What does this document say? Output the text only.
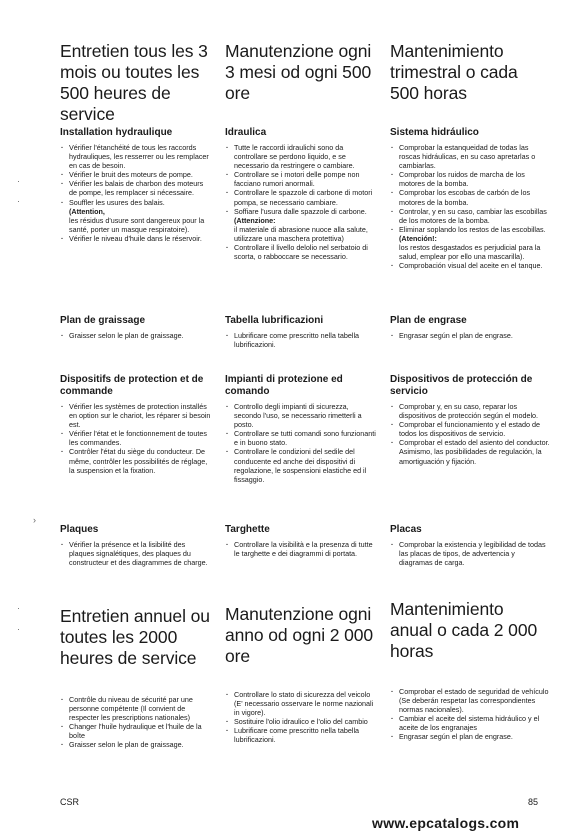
Entretien tous les 3 mois ou toutes les 500 heures de service
Manutenzione ogni 3 mesi od ogni 500 ore
Mantenimiento trimestral o cada 500 horas
Installation hydraulique
· Vérifier l'étanchéité de tous les raccords hydrauliques, les resserrer ou les remplacer en cas de besoin.
· Vérifier le bruit des moteurs de pompe.
· Vérifier les balais de charbon des moteurs de pompe, les remplacer si nécessaire.
· Souffler les usures des balais.
(Attention,
les résidus d'usure sont dangereux pour la santé, porter un masque respiratoire).
· Vérifier le niveau d'huile dans le réservoir.
Idraulica
· Tutte le raccordi idraulichi sono da controllare se perdono liquido, e se necessario da restringere o cambiare.
· Controllare se i motori delle pompe non facciano rumori anormali.
· Controllare le spazzole di carbone di motori pompa, se necessario cambiare.
· Soffiare l'usura dalle spazzole di carbone.
(Attenzione:
il materiale di abrasione nuoce alla salute, utilizzare una maschera protettiva)
· Controllare il livello delolio nel serbatoio di scorta, o rabboccare se necessario.
Sistema hidráulico
· Comprobar la estanqueidad de todas las roscas hidráulicas, en su caso apretarlas o cambiarlas.
· Comprobar los ruidos de marcha de los motores de la bomba.
· Comprobar los escobas de carbón de los motores de la bomba.
· Controlar, y en su caso, cambiar las escobillas de los motores de la bomba.
· Eliminar soplando los restos de las escobillas.
(Atención!:
los restos desgastados es perjudicial para la salud, emplear por ello una mascarilla).
· Comprobación visual del aceite en el tanque.
Plan de graissage
· Graisser selon le plan de graissage.
Tabella lubrificazioni
· Lubrificare come prescritto nella tabella lubrificazioni.
Plan de engrase
· Engrasar según el plan de engrase.
Dispositifs de protection et de commande
· Vérifier les systèmes de protection installés en option sur le chariot, les réparer si besoin est.
· Vérifier l'état et le fonctionnement de toutes les commandes.
· Contrôler l'état du siège du conducteur. De même, contrôler les possibilités de réglage, la suspension et la fixation.
Impianti di protezione ed comando
· Controllo degli impianti di sicurezza, secondo l'uso, se necessario rimetterli a posto.
· Controllare se tutti comandi sono funzionanti e in buono stato.
· Controllare le condizioni del sedile del conducente ed anche dei dispositivi di regolazione, le sospensioni elastiche ed il fissaggio.
Dispositivos de protección de servicio
· Comprobar y, en su caso, reparar los dispositivos de protección según el modelo.
· Comprobar el funcionamiento y el estado de todos los dispositivos de servicio.
· Comprobar el estado del asiento del conductor. Asimismo, las posibilidades de regulación, la amortiguación y fijación.
Plaques
· Vérifier la présence et la lisibilité des plaques signalétiques, des plaques du constructeur et des diagrammes de charge.
Targhette
· Controllare la visibilità e la presenza di tutte le targhette e dei diagrammi di portata.
Placas
· Comprobar la existencia y legibilidad de todas las placas de tipos, de advertencia y diagramas de carga.
Entretien annuel ou toutes les 2000 heures de service
Manutenzione ogni anno od ogni 2 000 ore
Mantenimiento anual o cada 2 000 horas
· Contrôle du niveau de sécurité par une personne compétente (Il convient de respecter les prescriptions nationales)
· Changer l'huile hydraulique et l'huile de la boîte
· Graisser selon le plan de graissage.
· Controllare lo stato di sicurezza del veicolo (E' necessario osservare le norme nazionali in vigore).
· Sostituire l'olio idraulico e l'olio del cambio
· Lubrificare come prescritto nella tabella lubrificazioni.
· Comprobar el estado de seguridad de vehículo (Se deberán respetar las correspondientes normas nacionales).
· Cambiar el aceite del sistema hidráulico y el aceite de los engranajes
· Engrasar según el plan de engrase.
·
·
›
·
·
CSR	85
www.epcatalogs.com
